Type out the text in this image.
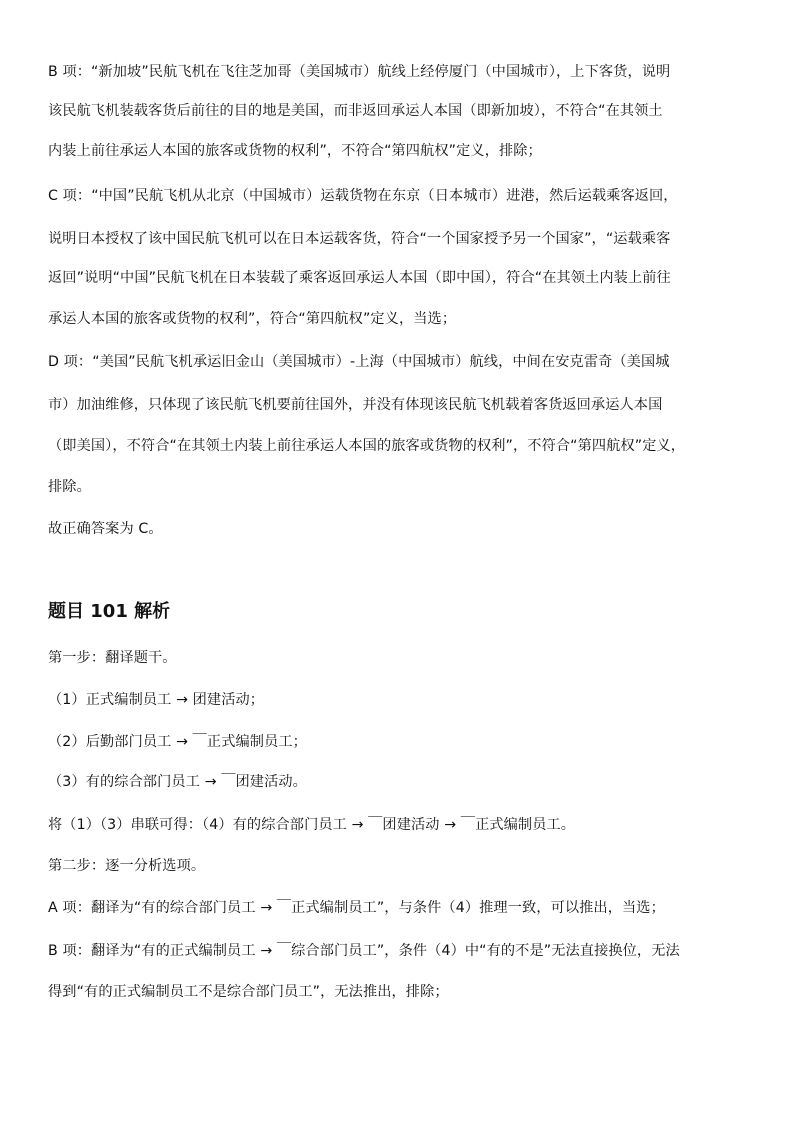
B 项：“新加坡”民航飞机在飞往芝加哥（美国城市）航线上经停厦门（中国城市），上下客货，说明
该民航飞机装载客货后前往的目的地是美国，而非返回承运人本国（即新加坡），不符合“在其领土
内装上前往承运人本国的旅客或货物的权利”，不符合“第四航权”定义，排除；
C 项：“中国”民航飞机从北京（中国城市）运载货物在东京（日本城市）进港，然后运载乘客返回，
说明日本授权了该中国民航飞机可以在日本运载客货，符合“一个国家授予另一个国家”，“运载乘客
返回”说明“中国”民航飞机在日本装载了乘客返回承运人本国（即中国），符合“在其领土内装上前往
承运人本国的旅客或货物的权利”，符合“第四航权”定义，当选；
D 项：“美国”民航飞机承运旧金山（美国城市）-上海（中国城市）航线，中间在安克雷奇（美国城
市）加油维修，只体现了该民航飞机要前往国外，并没有体现该民航飞机载着客货返回承运人本国
（即美国），不符合“在其领土内装上前往承运人本国的旅客或货物的权利”，不符合“第四航权”定义，
排除。
故正确答案为 C。
题目 101 解析
第一步：翻译题干。
（1）正式编制员工 → 团建活动；
（2）后勤部门员工 → ￣正式编制员工；
（3）有的综合部门员工 → ￣团建活动。
将（1）（3）串联可得：（4）有的综合部门员工 → ￣团建活动 → ￣正式编制员工。
第二步：逐一分析选项。
A 项：翻译为“有的综合部门员工 → ￣正式编制员工”，与条件（4）推理一致，可以推出，当选；
B 项：翻译为“有的正式编制员工 → ￣综合部门员工”，条件（4）中“有的不是”无法直接换位，无法
得到“有的正式编制员工不是综合部门员工”，无法推出，排除；
